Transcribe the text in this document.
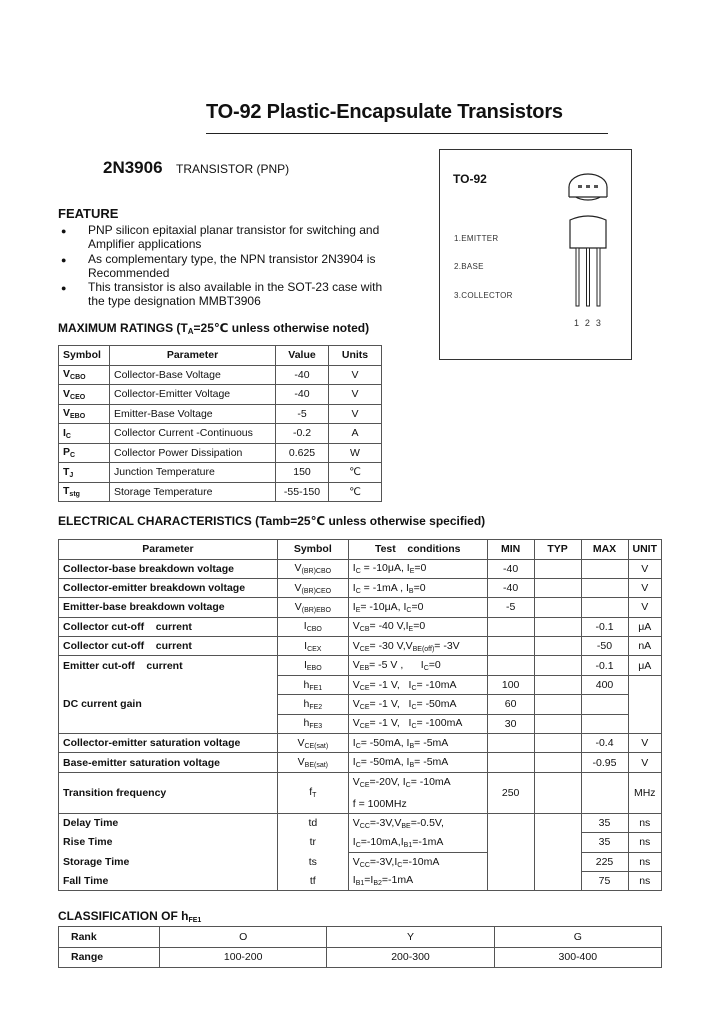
TO-92 Plastic-Encapsulate Transistors
2N3906 TRANSISTOR (PNP)
FEATURE
●	PNP silicon epitaxial planar transistor for switching and
Amplifier applications
●	As complementary type, the NPN transistor 2N3904 is
Recommended
●	This transistor is also available in the SOT-23 case with
the type designation MMBT3906
MAXIMUM RATINGS ($T_A=25℃$ unless otherwise noted)
Symbol	Parameter	Value	Units
$V_{CBO}$	Collector-Base Voltage	-40	V
$V_{CEO}$	Collector-Emitter Voltage	-40	V
$V_{EBO}$	Emitter-Base Voltage	-5	V
$I_C$	Collector Current -Continuous	-0.2	A
$P_C$	Collector Power Dissipation	0.625	W
$T_J$	Junction Temperature	150	℃
$T_{stg}$	Storage Temperature	-55-150	℃
TO-92
1.EMITTER
2.BASE
3.COLLECTOR
1  2  3
ELECTRICAL CHARACTERISTICS (Tamb=25℃ unless otherwise specified)
Parameter	Symbol	Test    conditions	MIN	TYP	MAX	UNIT
Collector-base breakdown voltage	$V_{(BR)CBO}$	$I_C = -10\mu A$, $I_E=0$	-40			V
Collector-emitter breakdown voltage	$V_{(BR)CEO}$	$I_C = -1mA$ , $I_B=0$	-40			V
Emitter-base breakdown voltage	$V_{(BR)EBO}$	$I_E= -10\mu A$, $I_C=0$	-5			V
Collector cut-off    current	$I_{CBO}$	$V_{CB}= -40$ $V,I_E=0$			-0.1	μA
Collector cut-off    current	$I_{CEX}$	$V_{CE}= -30$ $V,V_{BE(off)}= -3V$			-50	nA
Emitter cut-off    current	$I_{EBO}$	$V_{EB}= -5$ V ,      $I_C=0$			-0.1	μA
DC current gain	$h_{FE1}$	$V_{CE}= -1$ V,   $I_C= -10mA$	100		400	
	$h_{FE2}$	$V_{CE}= -1$ V,   $I_C= -50mA$	60			
	$h_{FE3}$	$V_{CE}= -1$ V,   $I_C= -100mA$	30			
Collector-emitter saturation voltage	$V_{CE(sat)}$	$I_C= -50mA$, $I_B= -5mA$			-0.4	V
Base-emitter saturation voltage	$V_{BE(sat)}$	$I_C= -50mA$, $I_B= -5mA$			-0.95	V
Transition frequency	$f_T$	$V_{CE}=-20V$, $I_C= -10mA$
f = 100MHz	250			MHz
Delay Time	td	$V_{CC}=-3V,V_{BE}=-0.5V$,			35	ns
Rise Time	tr	$I_C=-10mA,I_{B1}=-1mA$			35	ns
Storage Time	ts	$V_{CC}=-3V,I_C=-10mA$			225	ns
Fall Time	tf	$I_{B1}=I_{B2}=-1mA$			75	ns
CLASSIFICATION OF $h_{FE1}$
Rank	O	Y	G
Range	100-200	200-300	300-400
